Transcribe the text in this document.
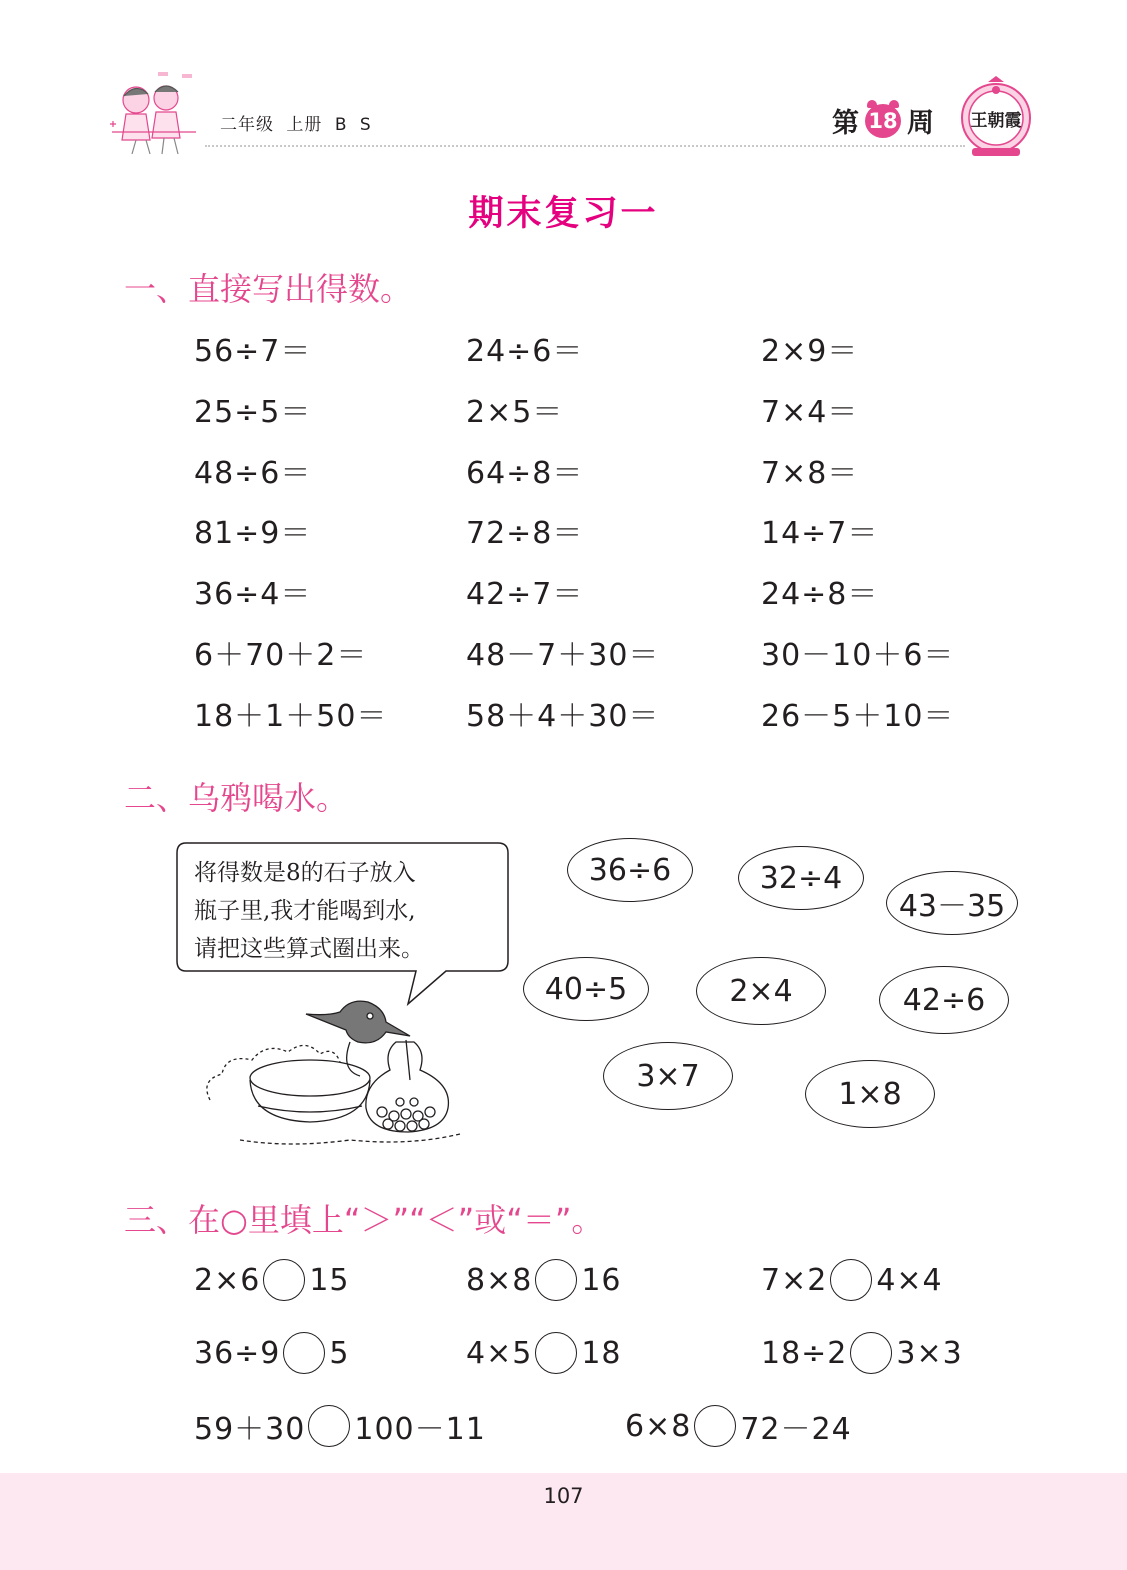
二年级 上册 B S	第 18 周 王朝霞
期末复习一
一、直接写出得数。
56÷7＝	24÷6＝	2×9＝
25÷5＝	2×5＝	7×4＝
48÷6＝	64÷8＝	7×8＝
81÷9＝	72÷8＝	14÷7＝
36÷4＝	42÷7＝	24÷8＝
6＋70＋2＝	48－7＋30＝	30－10＋6＝
18＋1＋50＝	58＋4＋30＝	26－5＋10＝
二、乌鸦喝水。
将得数是8的石子放入
瓶子里,我才能喝到水,
请把这些算式圈出来。
36÷6	32÷4
43－35
40÷5	2×4	42÷6
3×7
1×8
三、在○里填上“＞”“＜”或“＝”。
2×6 15	8×8 16	7×2 4×4
36÷9 5	4×5 18	18÷2 3×3
59＋30 100－11	6×8 72－24
107
